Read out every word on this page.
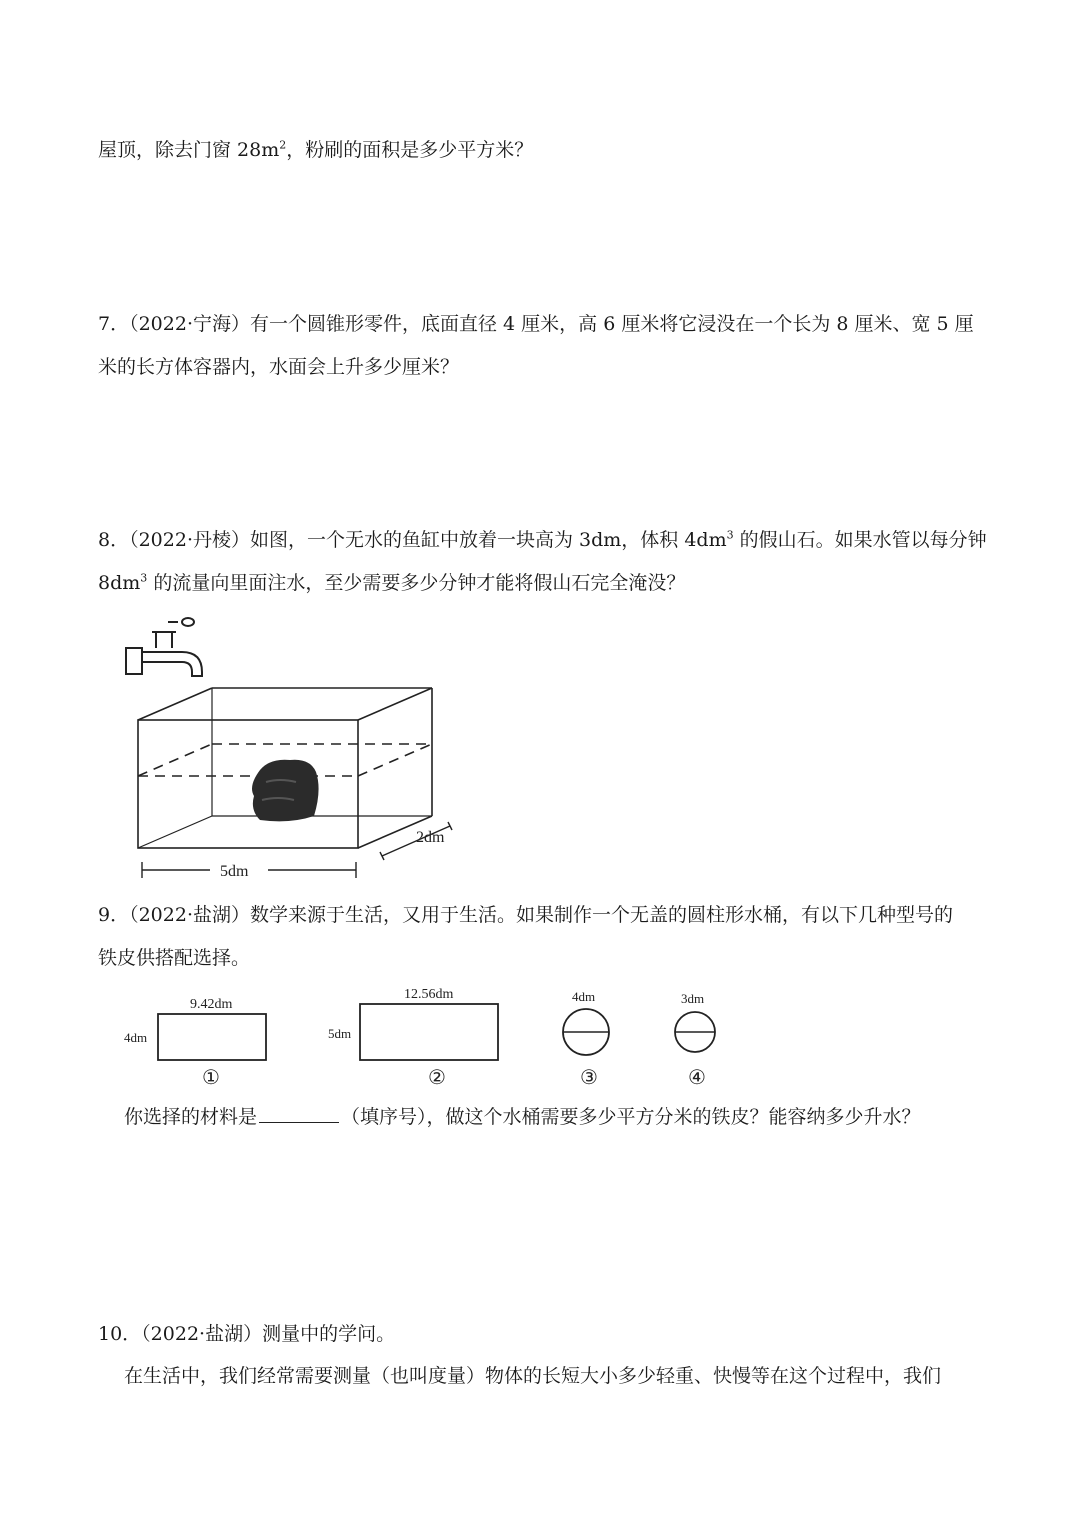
屋顶，除去门窗 $28m^2$，粉刷的面积是多少平方米？
7．（2022·宁海）有一个圆锥形零件，底面直径 4 厘米，高 6 厘米将它浸没在一个长为 8 厘米、宽 5 厘
米的长方体容器内，水面会上升多少厘米？
8．（2022·丹棱）如图，一个无水的鱼缸中放着一块高为 3dm，体积 $4dm^3$ 的假山石。如果水管以每分钟
$8dm^3$ 的流量向里面注水，至少需要多少分钟才能将假山石完全淹没？
2dm
5dm
9．（2022·盐湖）数学来源于生活，又用于生活。如果制作一个无盖的圆柱形水桶，有以下几种型号的
铁皮供搭配选择。
9.42dm
4dm
①
12.56dm
5dm
②
4dm
③
3dm
④
你选择的材料是	（填序号），做这个水桶需要多少平方分米的铁皮？能容纳多少升水？
10．（2022·盐湖）测量中的学问。
在生活中，我们经常需要测量（也叫度量）物体的长短大小多少轻重、快慢等在这个过程中，我们
